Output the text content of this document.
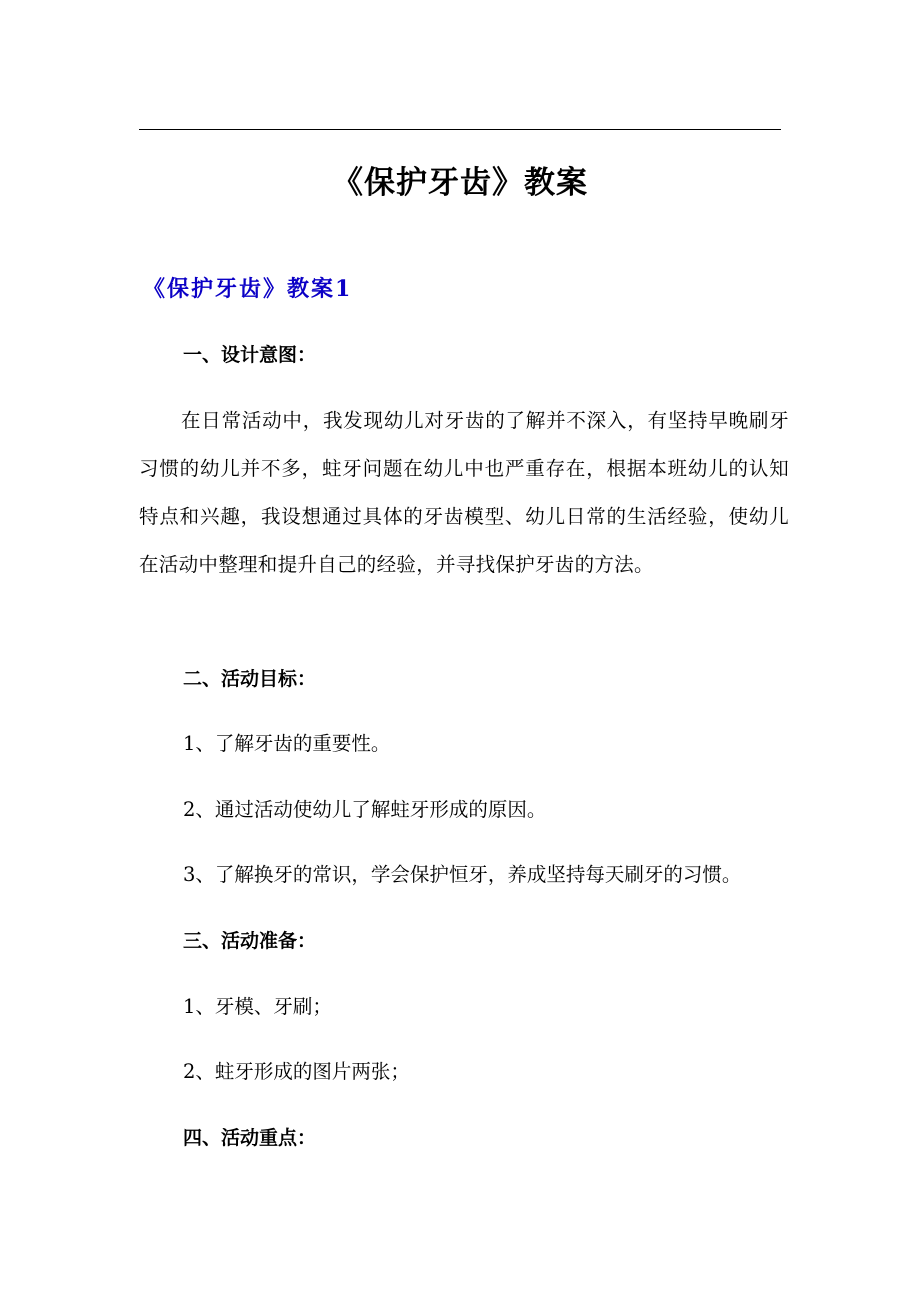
《保护牙齿》教案
《保护牙齿》教案1
一、设计意图：
在日常活动中，我发现幼儿对牙齿的了解并不深入，有坚持早晚刷牙习惯的幼儿并不多，蛀牙问题在幼儿中也严重存在，根据本班幼儿的认知特点和兴趣，我设想通过具体的牙齿模型、幼儿日常的生活经验，使幼儿在活动中整理和提升自己的经验，并寻找保护牙齿的方法。
二、活动目标：
1、了解牙齿的重要性。
2、通过活动使幼儿了解蛀牙形成的原因。
3、了解换牙的常识，学会保护恒牙，养成坚持每天刷牙的习惯。
三、活动准备：
1、牙模、牙刷；
2、蛀牙形成的图片两张；
四、活动重点：
